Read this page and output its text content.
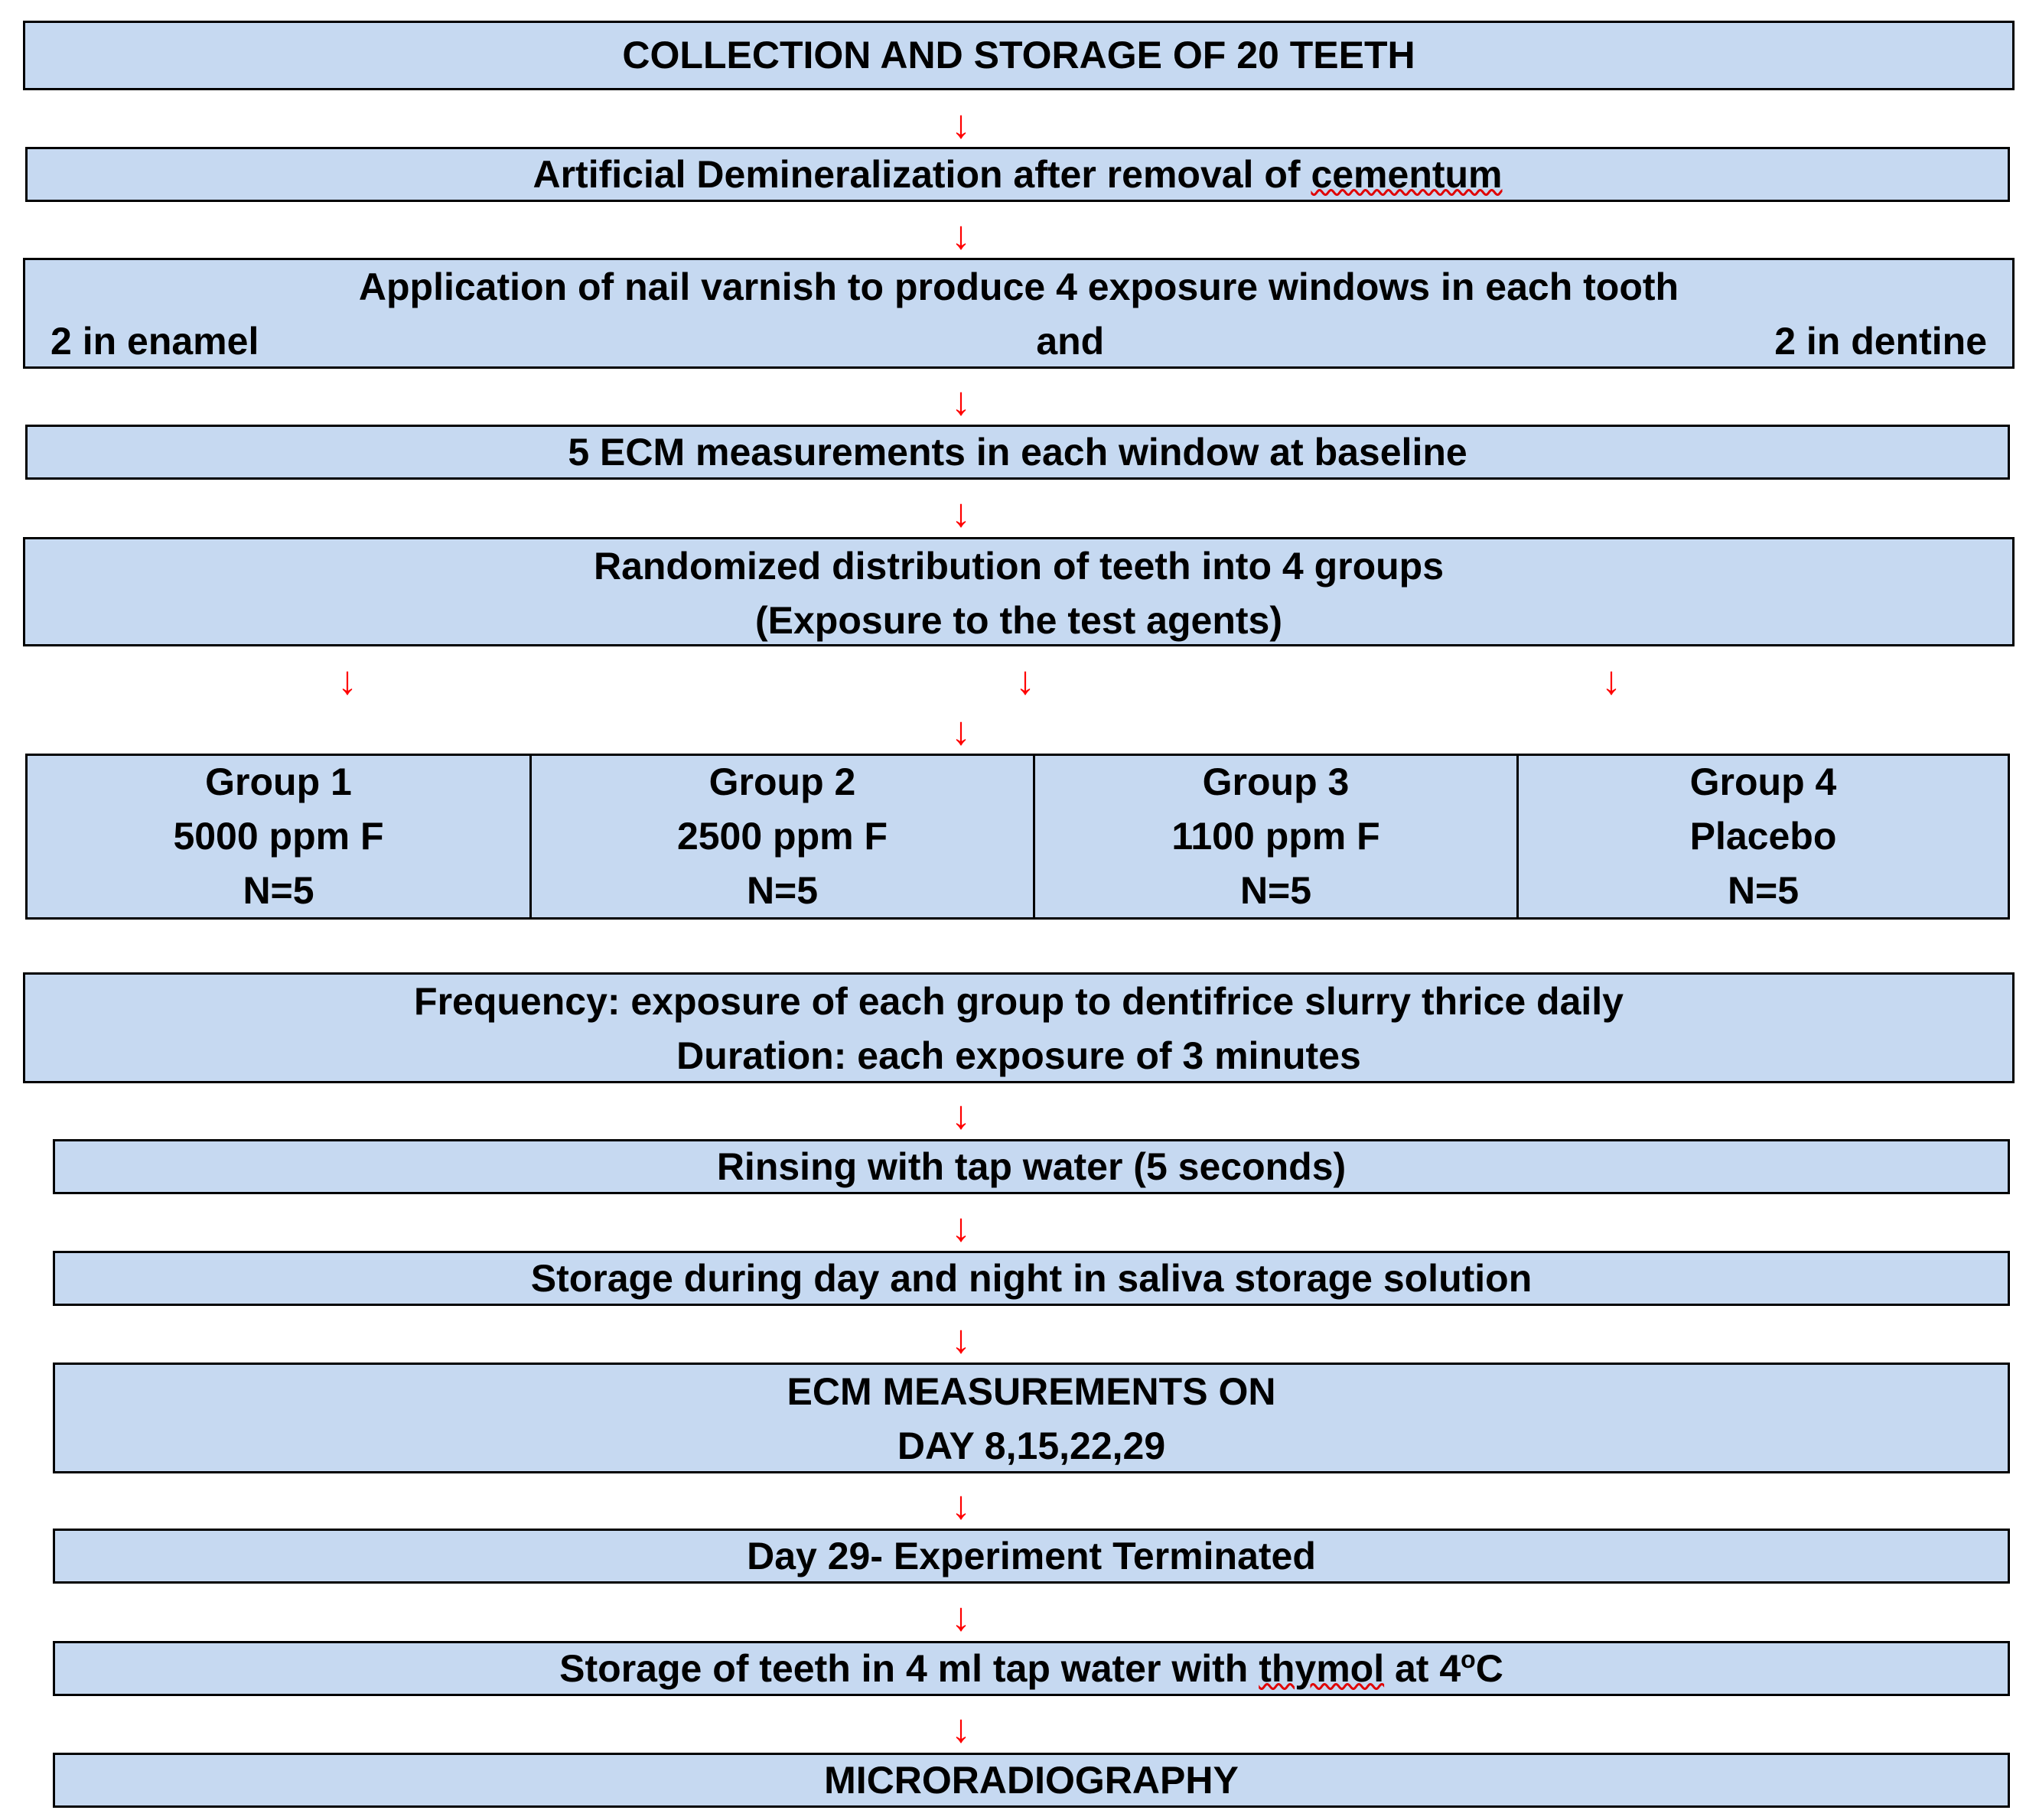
COLLECTION AND STORAGE OF 20 TEETH
↓
Artificial Demineralization after removal of cementum
↓
Application of nail varnish to produce 4 exposure windows in each tooth
2 in enamel	and	2 in dentine
↓
5 ECM measurements in each window at baseline
↓
Randomized distribution of teeth into 4 groups
(Exposure to the test agents)
↓	↓	↓
↓
Group 1
5000 ppm F
N=5
Group 2
2500 ppm F
N=5
Group 3
1100 ppm F
N=5
Group 4
Placebo
N=5
Frequency: exposure of each group to dentifrice slurry thrice daily
Duration: each exposure of 3 minutes
↓
Rinsing with tap water (5 seconds)
↓
Storage during day and night in saliva storage solution
↓
ECM MEASUREMENTS ON
DAY 8,15,22,29
↓
Day 29- Experiment Terminated
↓
Storage of teeth in 4 ml tap water with thymol at 4$^o$C
↓
MICRORADIOGRAPHY
